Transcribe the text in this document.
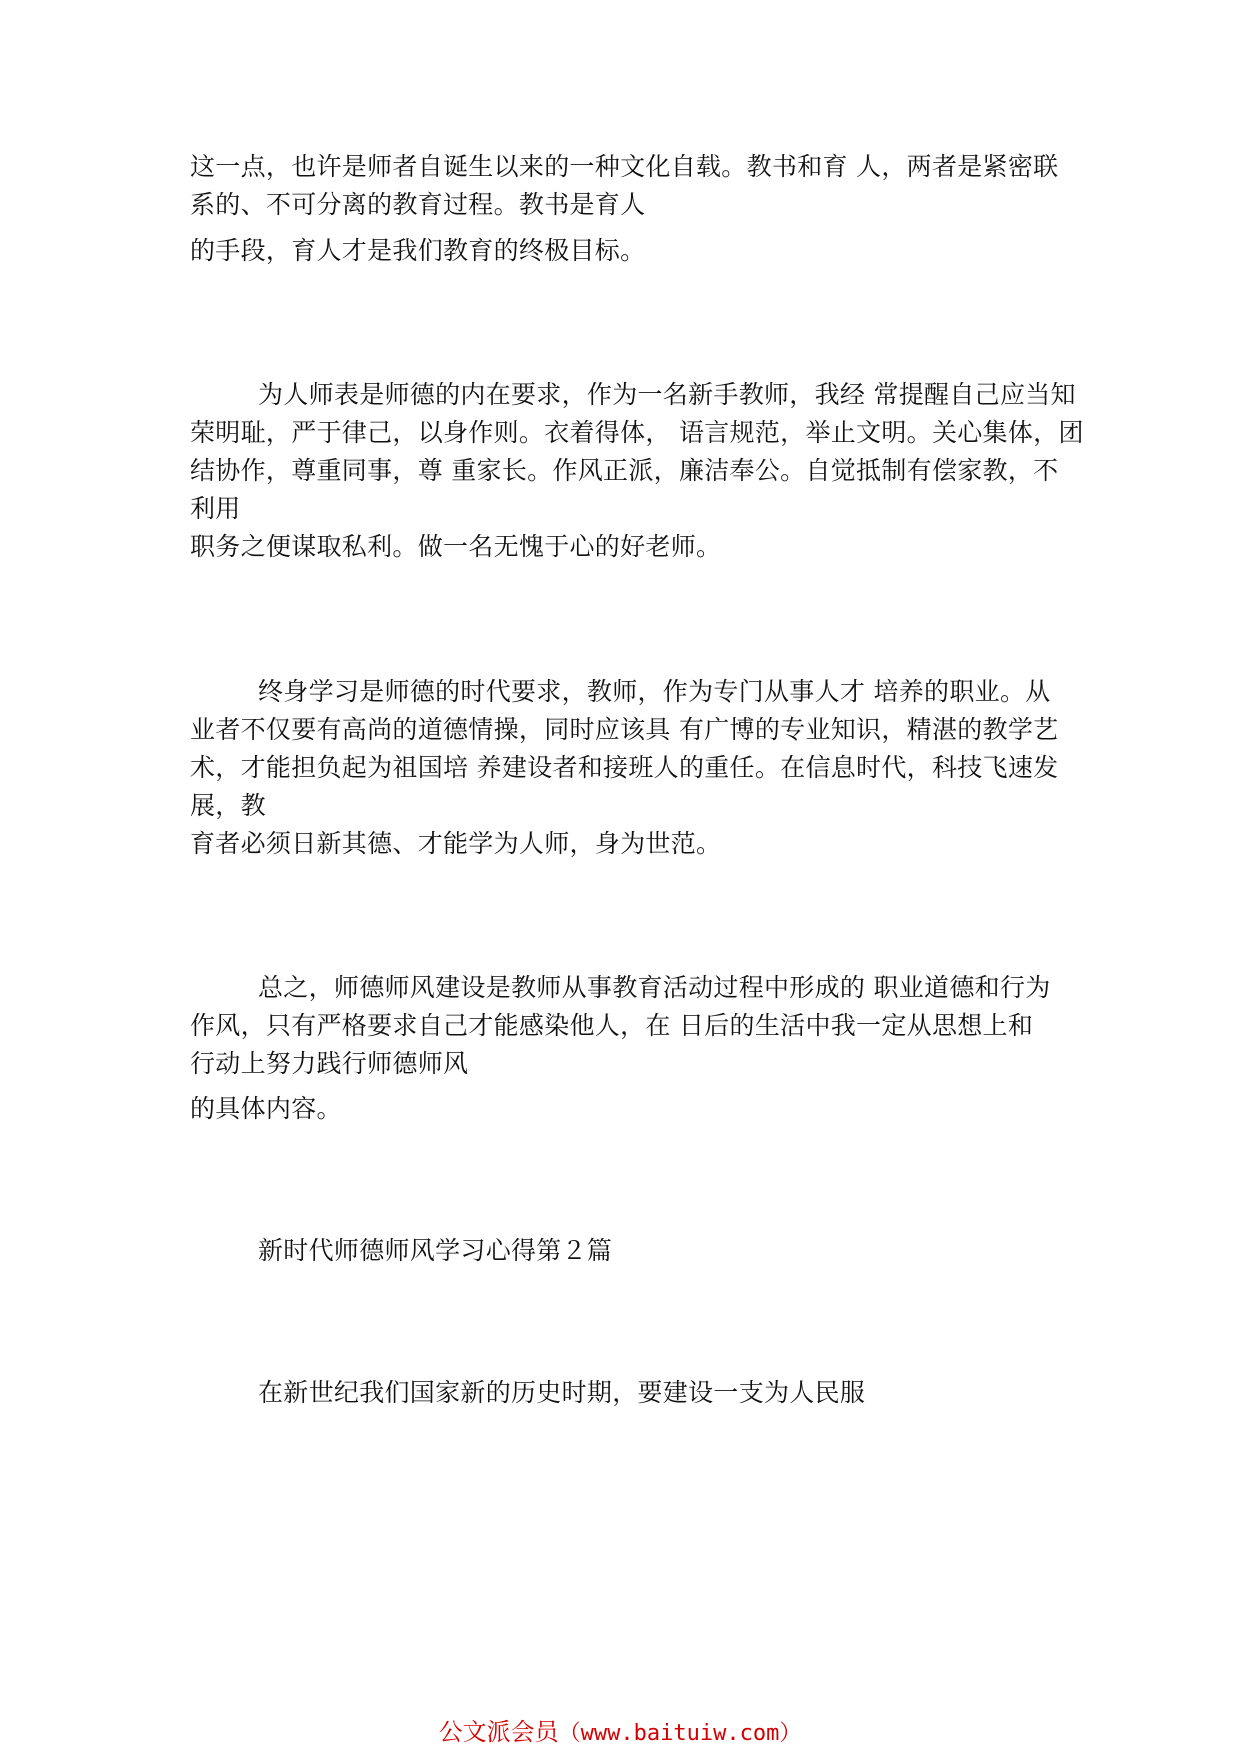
这一点，也许是师者自诞生以来的一种文化自载。教书和育 人，两者是紧密联
系的、不可分离的教育过程。教书是育人
的手段，育人才是我们教育的终极目标。
为人师表是师德的内在要求，作为一名新手教师，我经 常提醒自己应当知
荣明耻，严于律己，以身作则。衣着得体， 语言规范，举止文明。关心集体，团
结协作，尊重同事，尊 重家长。作风正派，廉洁奉公。自觉抵制有偿家教，不
利用
职务之便谋取私利。做一名无愧于心的好老师。
终身学习是师德的时代要求，教师，作为专门从事人才 培养的职业。从
业者不仅要有高尚的道德情操，同时应该具 有广博的专业知识，精湛的教学艺
术，才能担负起为祖国培 养建设者和接班人的重任。在信息时代，科技飞速发
展，教
育者必须日新其德、才能学为人师，身为世范。
总之，师德师风建设是教师从事教育活动过程中形成的 职业道德和行为
作风，只有严格要求自己才能感染他人，在 日后的生活中我一定从思想上和
行动上努力践行师德师风
的具体内容。
新时代师德师风学习心得第２篇
在新世纪我们国家新的历史时期，要建设一支为人民服
公文派会员（www.baituiw.com）
